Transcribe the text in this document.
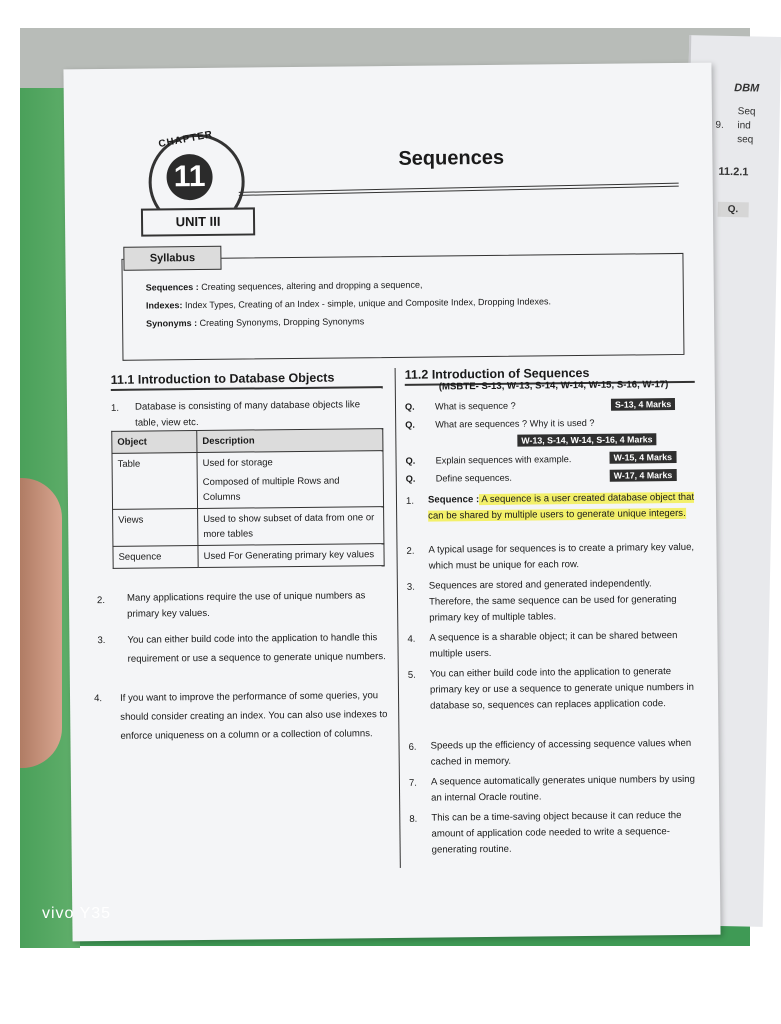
DBM
9.
Seq
ind
seq
11.2.1
Q.
CHAPTER
11
UNIT III
Sequences
Syllabus
Sequences : Creating sequences, altering and dropping a sequence,
Indexes: Index Types, Creating of an Index - simple, unique and Composite Index, Dropping Indexes.
Synonyms : Creating Synonyms, Dropping Synonyms
11.1 Introduction to Database Objects	11.2 Introduction of Sequences
1. Database is consisting of many database objects like table, view etc.
Object	Description
Table	Used for storage
Composed of multiple Rows and Columns

Views	Used to show subset of data from one or more tables
Sequence	Used For Generating primary key values
2. Many applications require the use of unique numbers as primary key values.
3. You can either build code into the application to handle this requirement or use a sequence to generate unique numbers.
4. If you want to improve the performance of some queries, you should consider creating an index. You can also use indexes to enforce uniqueness on a column or a collection of columns.
(MSBTE- S-13, W-13, S-14, W-14, W-15, S-16, W-17)
Q. What is sequence ?	S-13, 4 Marks
Q. What are sequences ? Why it is used ?
W-13, S-14, W-14, S-16, 4 Marks
Q. Explain sequences with example.	W-15, 4 Marks
Q. Define sequences.	W-17, 4 Marks
1. Sequence : A sequence is a user created database object that can be shared by multiple users to generate unique integers.
2. A typical usage for sequences is to create a primary key value, which must be unique for each row.
3. Sequences are stored and generated independently. Therefore, the same sequence can be used for generating primary key of multiple tables.
4. A sequence is a sharable object; it can be shared between multiple users.
5. You can either build code into the application to generate primary key or use a sequence to generate unique numbers in database so, sequences can replaces application code.
6. Speeds up the efficiency of accessing sequence values when cached in memory.
7. A sequence automatically generates unique numbers by using an internal Oracle routine.
8. This can be a time-saving object because it can reduce the amount of application code needed to write a sequence-generating routine.
vivo Y35
